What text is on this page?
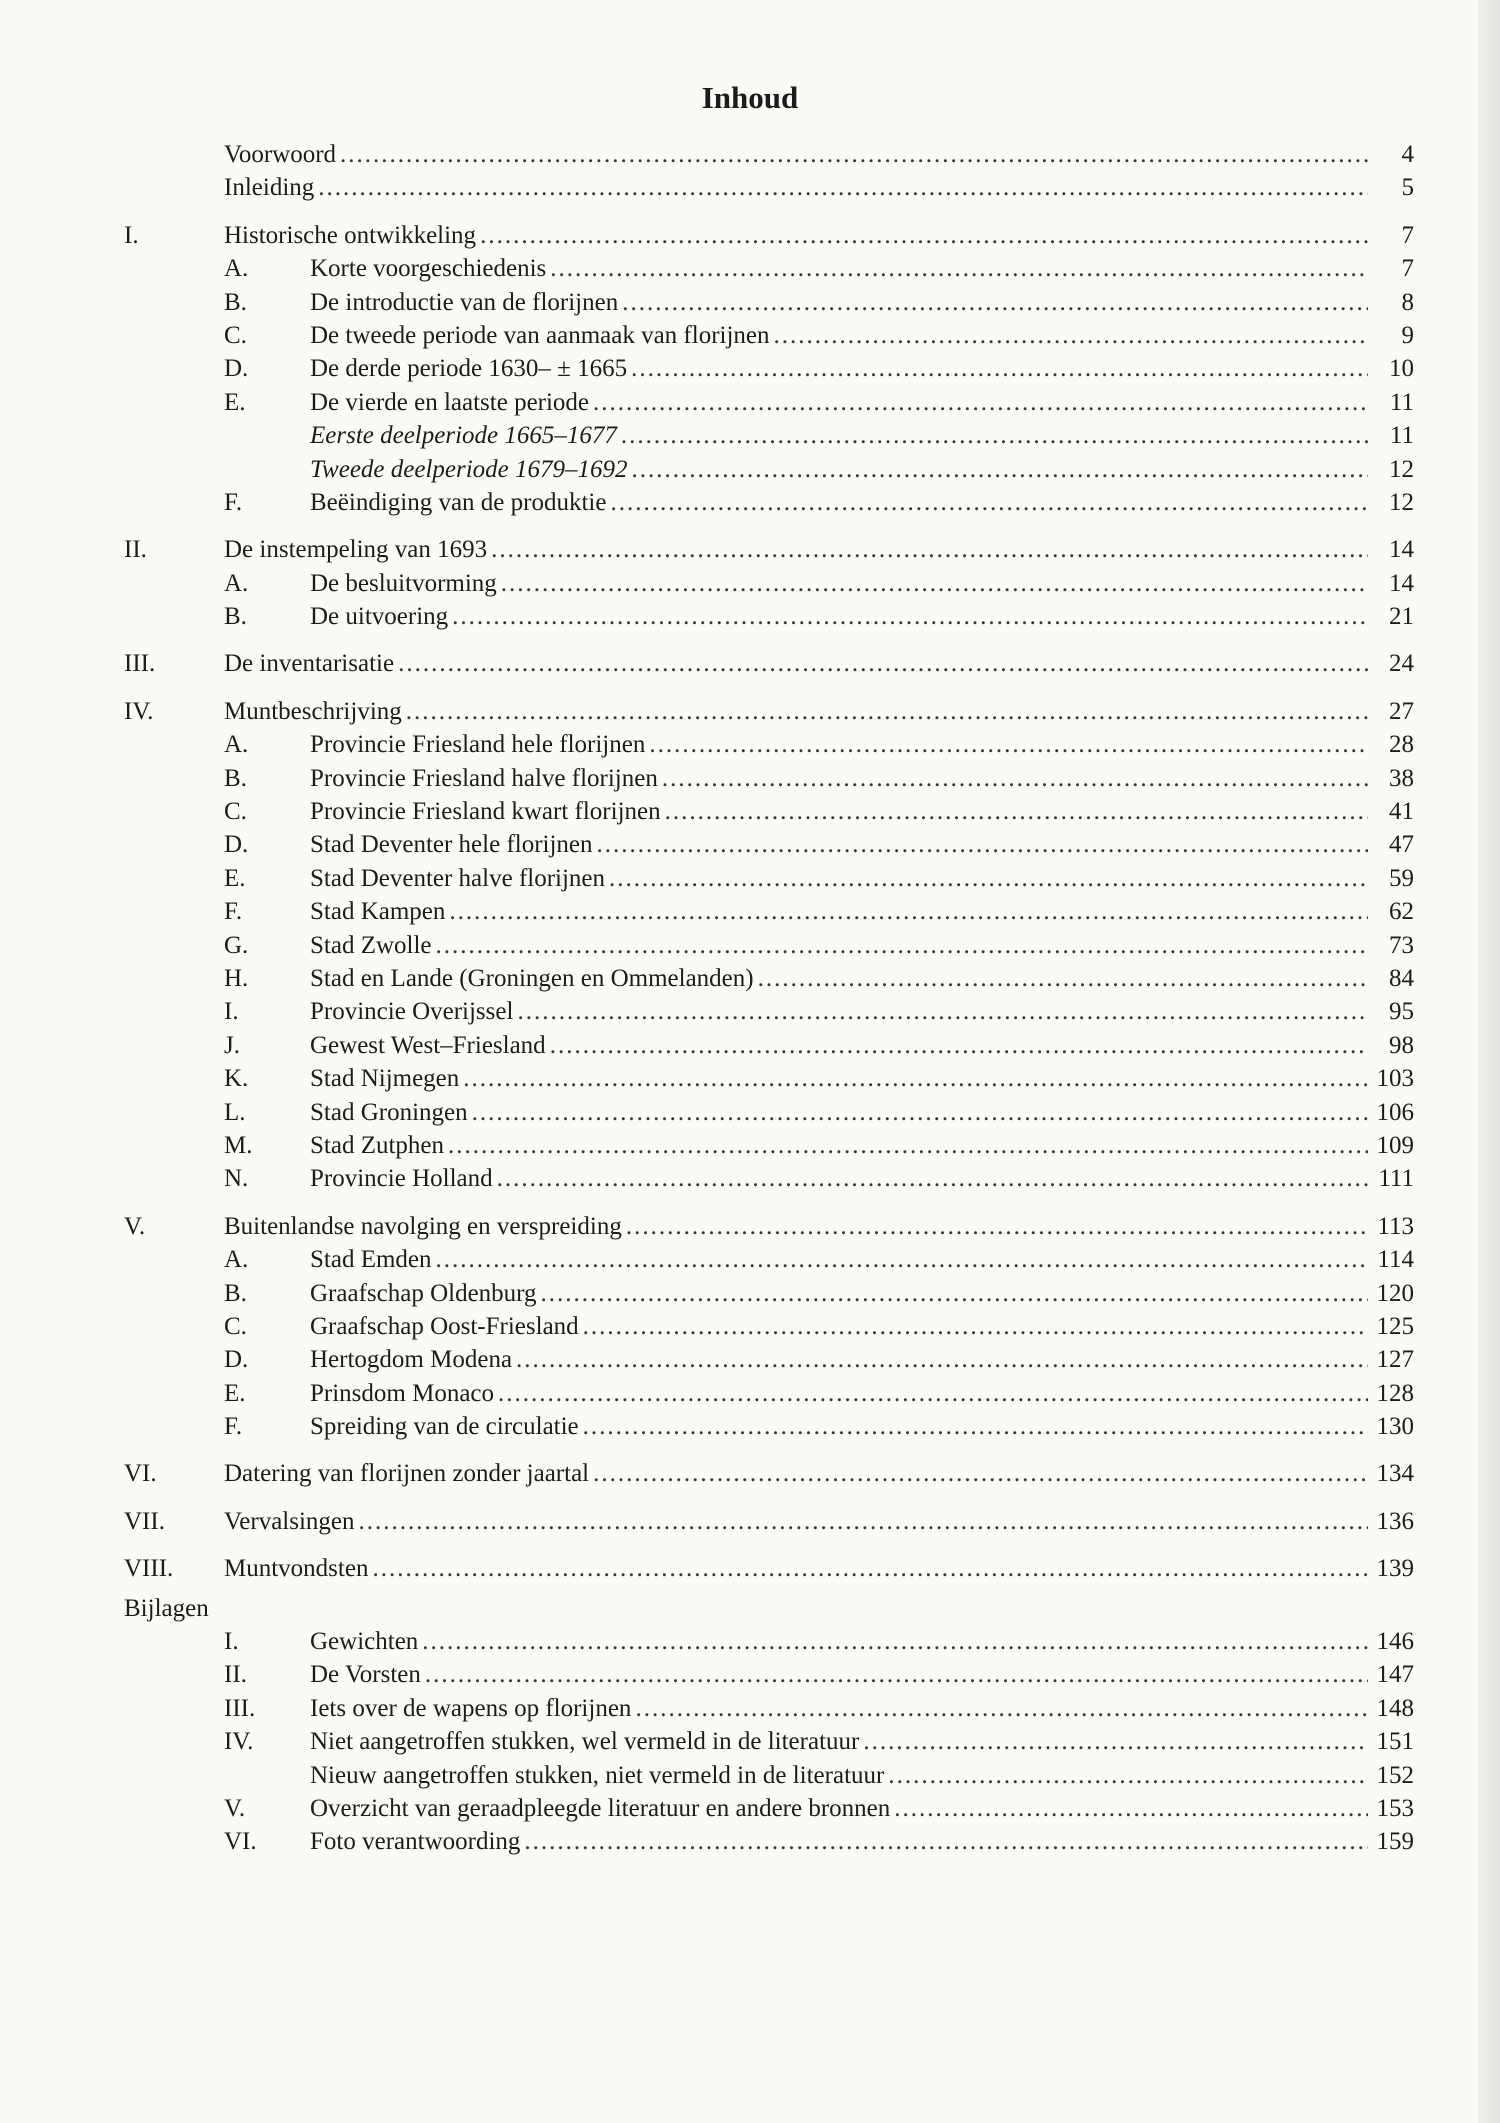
Inhoud
Voorwoord .....	4
Inleiding .....	5
I.	Historische ontwikkeling .....	7
A.	Korte voorgeschiedenis .....	7
B.	De introductie van de florijnen .....	8
C.	De tweede periode van aanmaak van florijnen .....	9
D.	De derde periode 1630– ± 1665 .....	10
E.	De vierde en laatste periode .....	11
Eerste deelperiode 1665–1677 .....	11
Tweede deelperiode 1679–1692 .....	12
F.	Beëindiging van de produktie .....	12
II.	De instempeling van 1693 .....	14
A.	De besluitvorming .....	14
B.	De uitvoering .....	21
III.	De inventarisatie .....	24
IV.	Muntbeschrijving .....	27
A.	Provincie Friesland hele florijnen .....	28
B.	Provincie Friesland halve florijnen .....	38
C.	Provincie Friesland kwart florijnen .....	41
D.	Stad Deventer hele florijnen .....	47
E.	Stad Deventer halve florijnen .....	59
F.	Stad Kampen .....	62
G.	Stad Zwolle .....	73
H.	Stad en Lande (Groningen en Ommelanden) .....	84
I.	Provincie Overijssel .....	95
J.	Gewest West–Friesland .....	98
K.	Stad Nijmegen .....	103
L.	Stad Groningen .....	106
M.	Stad Zutphen .....	109
N.	Provincie Holland .....	111
V.	Buitenlandse navolging en verspreiding .....	113
A.	Stad Emden .....	114
B.	Graafschap Oldenburg .....	120
C.	Graafschap Oost-Friesland .....	125
D.	Hertogdom Modena .....	127
E.	Prinsdom Monaco .....	128
F.	Spreiding van de circulatie .....	130
VI.	Datering van florijnen zonder jaartal .....	134
VII.	Vervalsingen .....	136
VIII.	Muntvondsten .....	139
Bijlagen
I.	Gewichten .....	146
II.	De Vorsten .....	147
III.	Iets over de wapens op florijnen .....	148
IV.	Niet aangetroffen stukken, wel vermeld in de literatuur .....	151
Nieuw aangetroffen stukken, niet vermeld in de literatuur .....	152
V.	Overzicht van geraadpleegde literatuur en andere bronnen .....	153
VI.	Foto verantwoording .....	159
